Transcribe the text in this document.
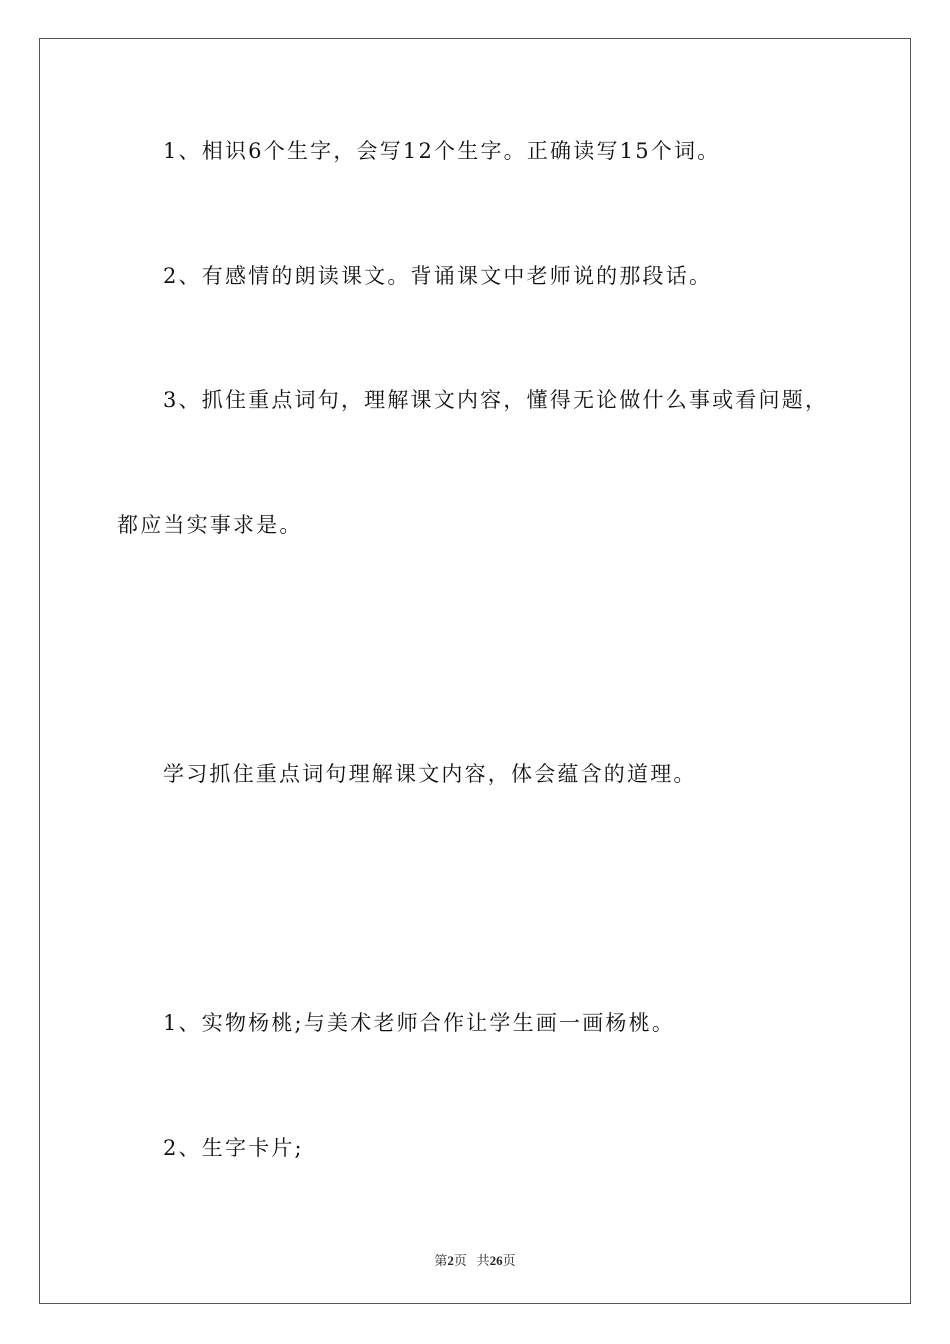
1、相识6个生字，会写12个生字。正确读写15个词。
2、有感情的朗读课文。背诵课文中老师说的那段话。
3、抓住重点词句，理解课文内容，懂得无论做什么事或看问题，
都应当实事求是。
学习抓住重点词句理解课文内容，体会蕴含的道理。
1、实物杨桃;与美术老师合作让学生画一画杨桃。
2、生字卡片;
第2页 共26页
